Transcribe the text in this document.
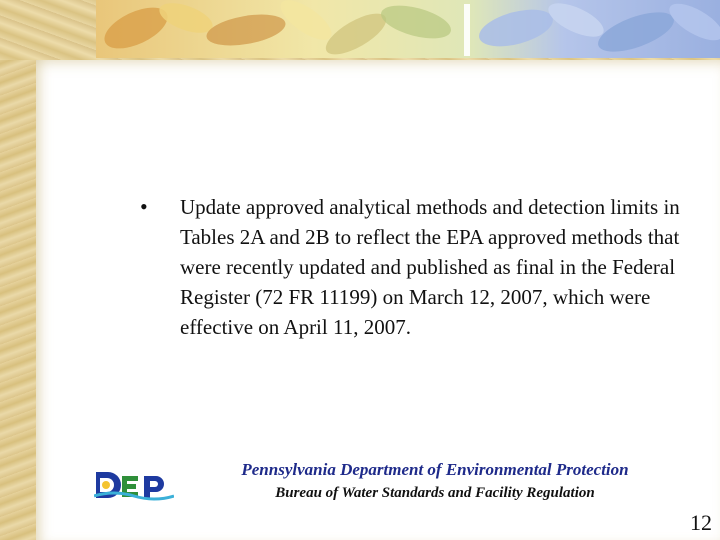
•	Update approved analytical methods and detection limits in Tables 2A and 2B to reflect the EPA approved methods that were recently updated and published as final in the Federal Register (72 FR 11199) on March 12, 2007, which were effective on April 11, 2007.
Pennsylvania Department of Environmental Protection
Bureau of Water Standards and Facility Regulation
12
